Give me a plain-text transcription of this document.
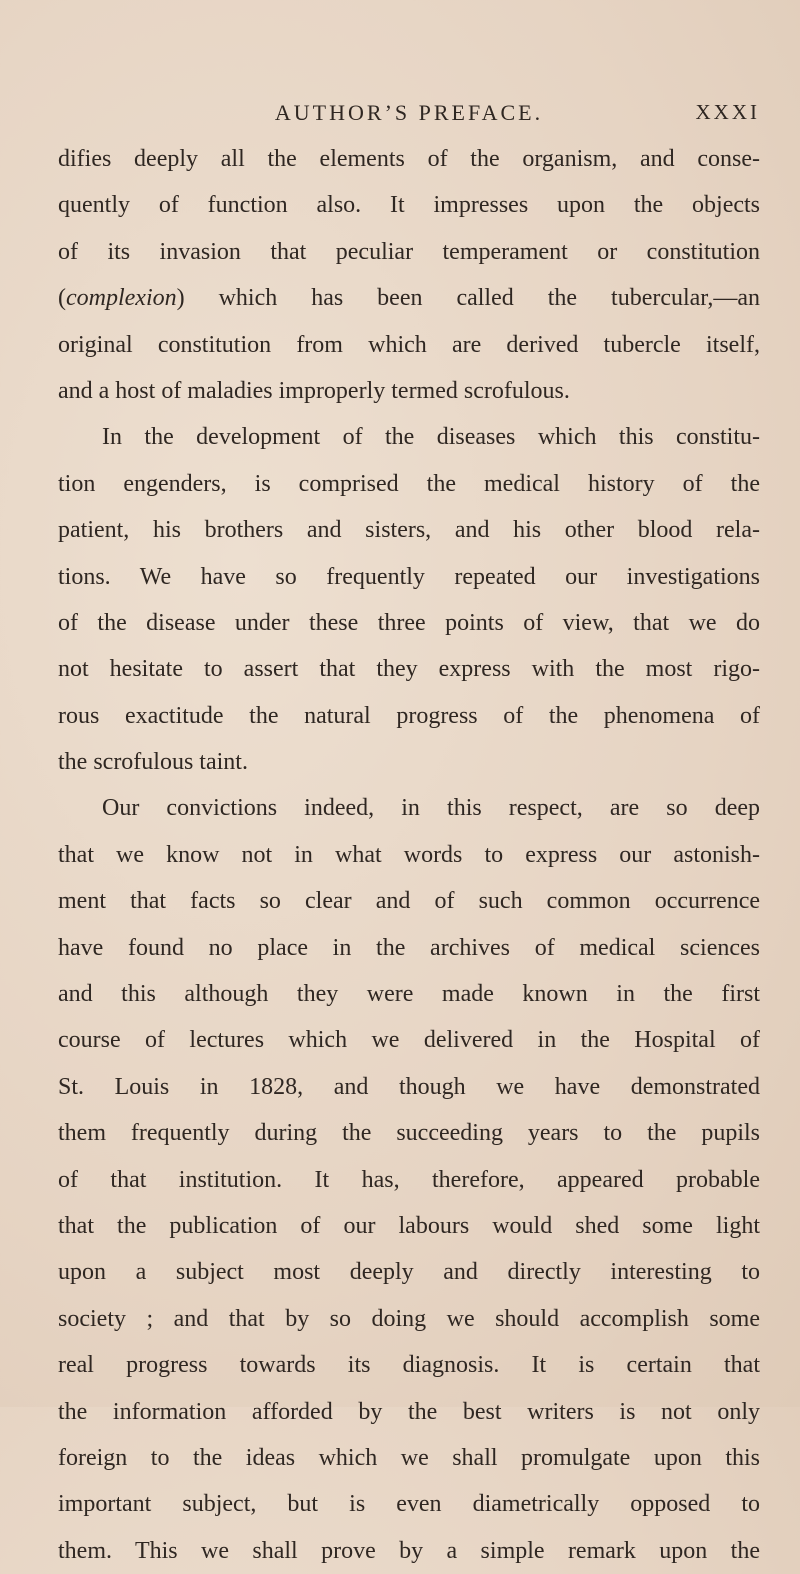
AUTHOR’S PREFACE.	XXXI
difies deeply all the elements of the organism, and conse-
quently of function also. It impresses upon the objects
of its invasion that peculiar temperament or constitution
(complexion) which has been called the tubercular,—an
original constitution from which are derived tubercle itself,
and a host of maladies improperly termed scrofulous.
In the development of the diseases which this constitu-
tion engenders, is comprised the medical history of the
patient, his brothers and sisters, and his other blood rela-
tions. We have so frequently repeated our investigations
of the disease under these three points of view, that we do
not hesitate to assert that they express with the most rigo-
rous exactitude the natural progress of the phenomena of
the scrofulous taint.
Our convictions indeed, in this respect, are so deep
that we know not in what words to express our astonish-
ment that facts so clear and of such common occurrence
have found no place in the archives of medical sciences
and this although they were made known in the first
course of lectures which we delivered in the Hospital of
St. Louis in 1828, and though we have demonstrated
them frequently during the succeeding years to the pupils
of that institution. It has, therefore, appeared probable
that the publication of our labours would shed some light
upon a subject most deeply and directly interesting to
society ; and that by so doing we should accomplish some
real progress towards its diagnosis. It is certain that
the information afforded by the best writers is not only
foreign to the ideas which we shall promulgate upon this
important subject, but is even diametrically opposed to
them. This we shall prove by a simple remark upon the
